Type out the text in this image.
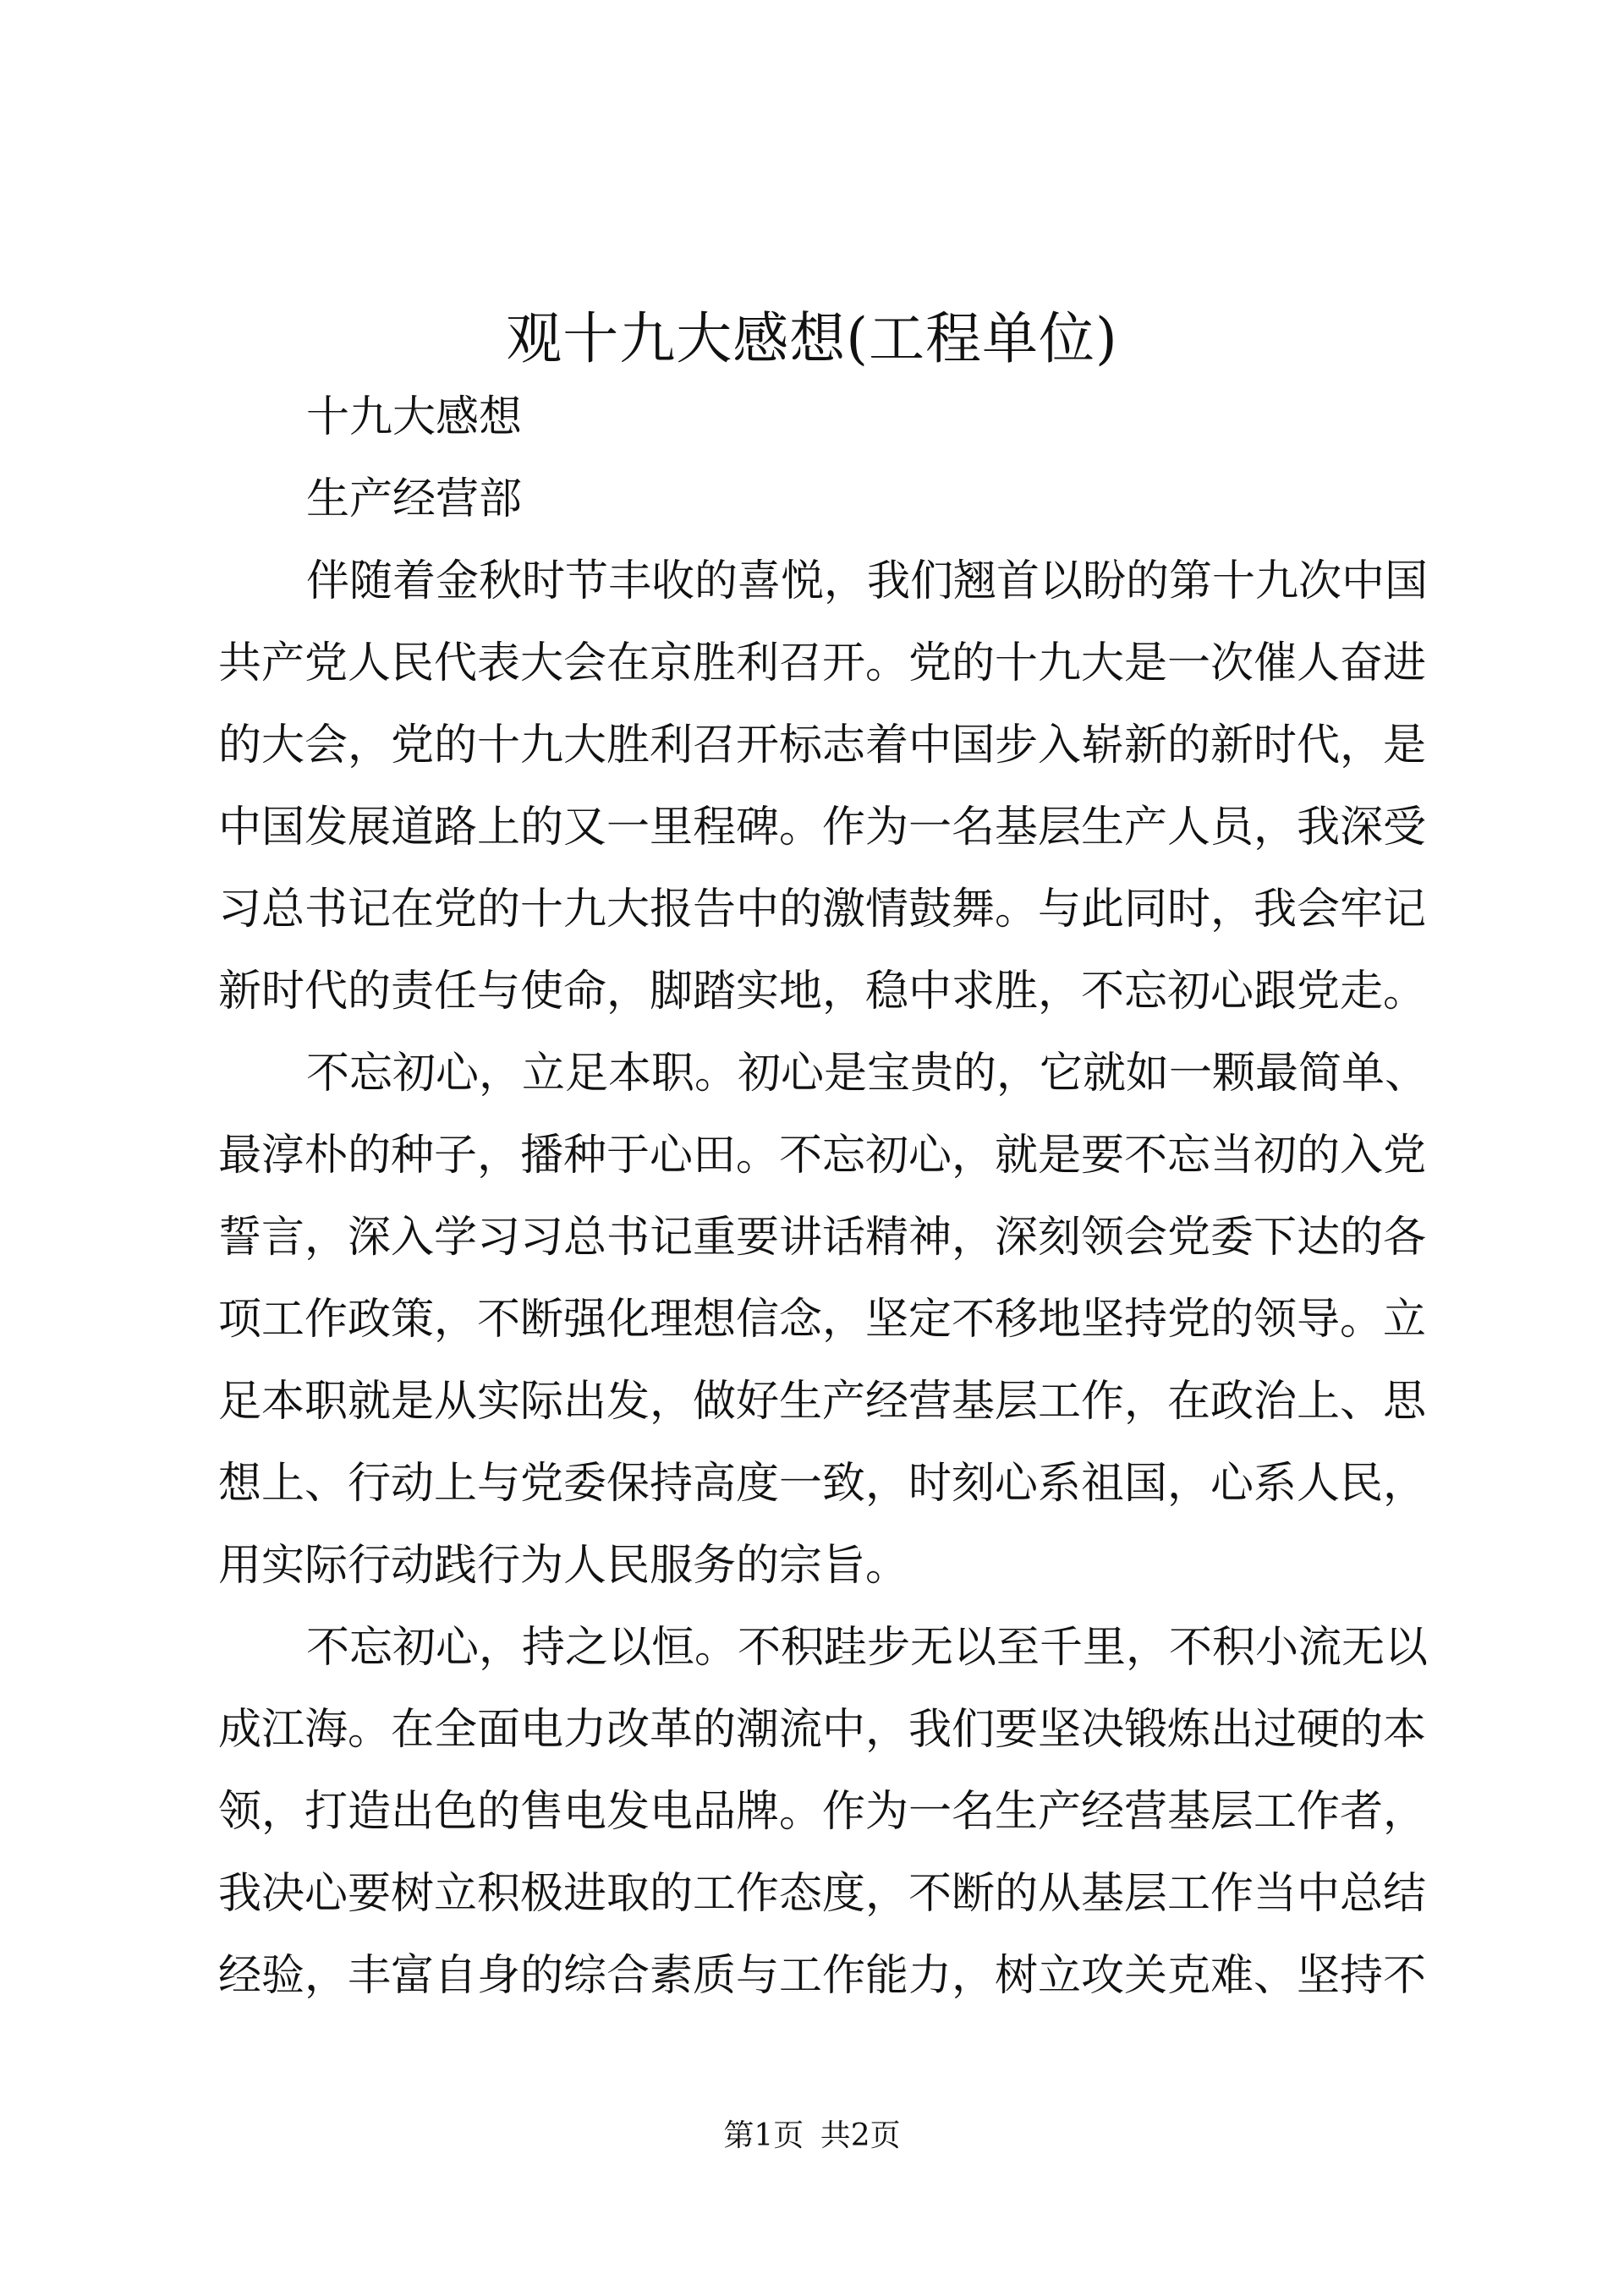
观十九大感想(工程单位)
十九大感想
生产经营部
伴随着金秋时节丰收的喜悦，我们翘首以盼的第十九次中国
共产党人民代表大会在京胜利召开。党的十九大是一次催人奋进
的大会，党的十九大胜利召开标志着中国步入崭新的新时代，是
中国发展道路上的又一里程碑。作为一名基层生产人员，我深受
习总书记在党的十九大报告中的激情鼓舞。与此同时，我会牢记
新时代的责任与使命，脚踏实地，稳中求胜，不忘初心跟党走。
不忘初心，立足本职。初心是宝贵的，它就如一颗最简单、
最淳朴的种子，播种于心田。不忘初心，就是要不忘当初的入党
誓言，深入学习习总书记重要讲话精神，深刻领会党委下达的各
项工作政策，不断强化理想信念，坚定不移地坚持党的领导。立
足本职就是从实际出发，做好生产经营基层工作，在政治上、思
想上、行动上与党委保持高度一致，时刻心系祖国，心系人民，
用实际行动践行为人民服务的宗旨。
不忘初心，持之以恒。不积跬步无以至千里，不积小流无以
成江海。在全面电力改革的潮流中，我们要坚决锻炼出过硬的本
领，打造出色的售电发电品牌。作为一名生产经营基层工作者，
我决心要树立积极进取的工作态度，不断的从基层工作当中总结
经验，丰富自身的综合素质与工作能力，树立攻关克难、坚持不
第1页 共2页
